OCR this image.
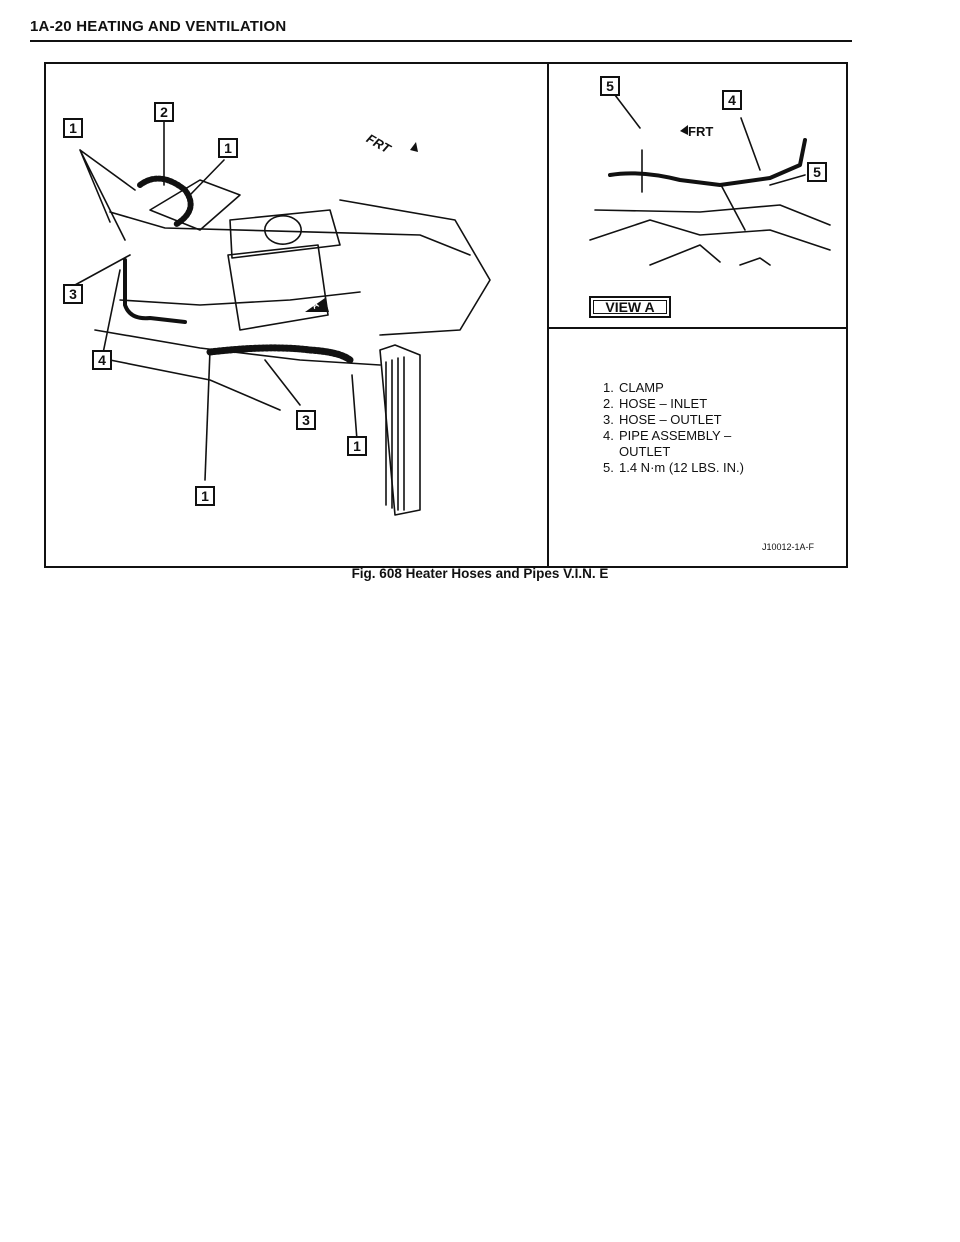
1A-20 HEATING AND VENTILATION
1
2
1
3
4
3
1
1
FRT
A
5
4
5
FRT
VIEW A
1. CLAMP
2. HOSE – INLET
3. HOSE – OUTLET
4. PIPE ASSEMBLY –
OUTLET
5. 1.4 N·m (12 LBS. IN.)
J10012-1A-F
Fig. 608 Heater Hoses and Pipes V.I.N. E
